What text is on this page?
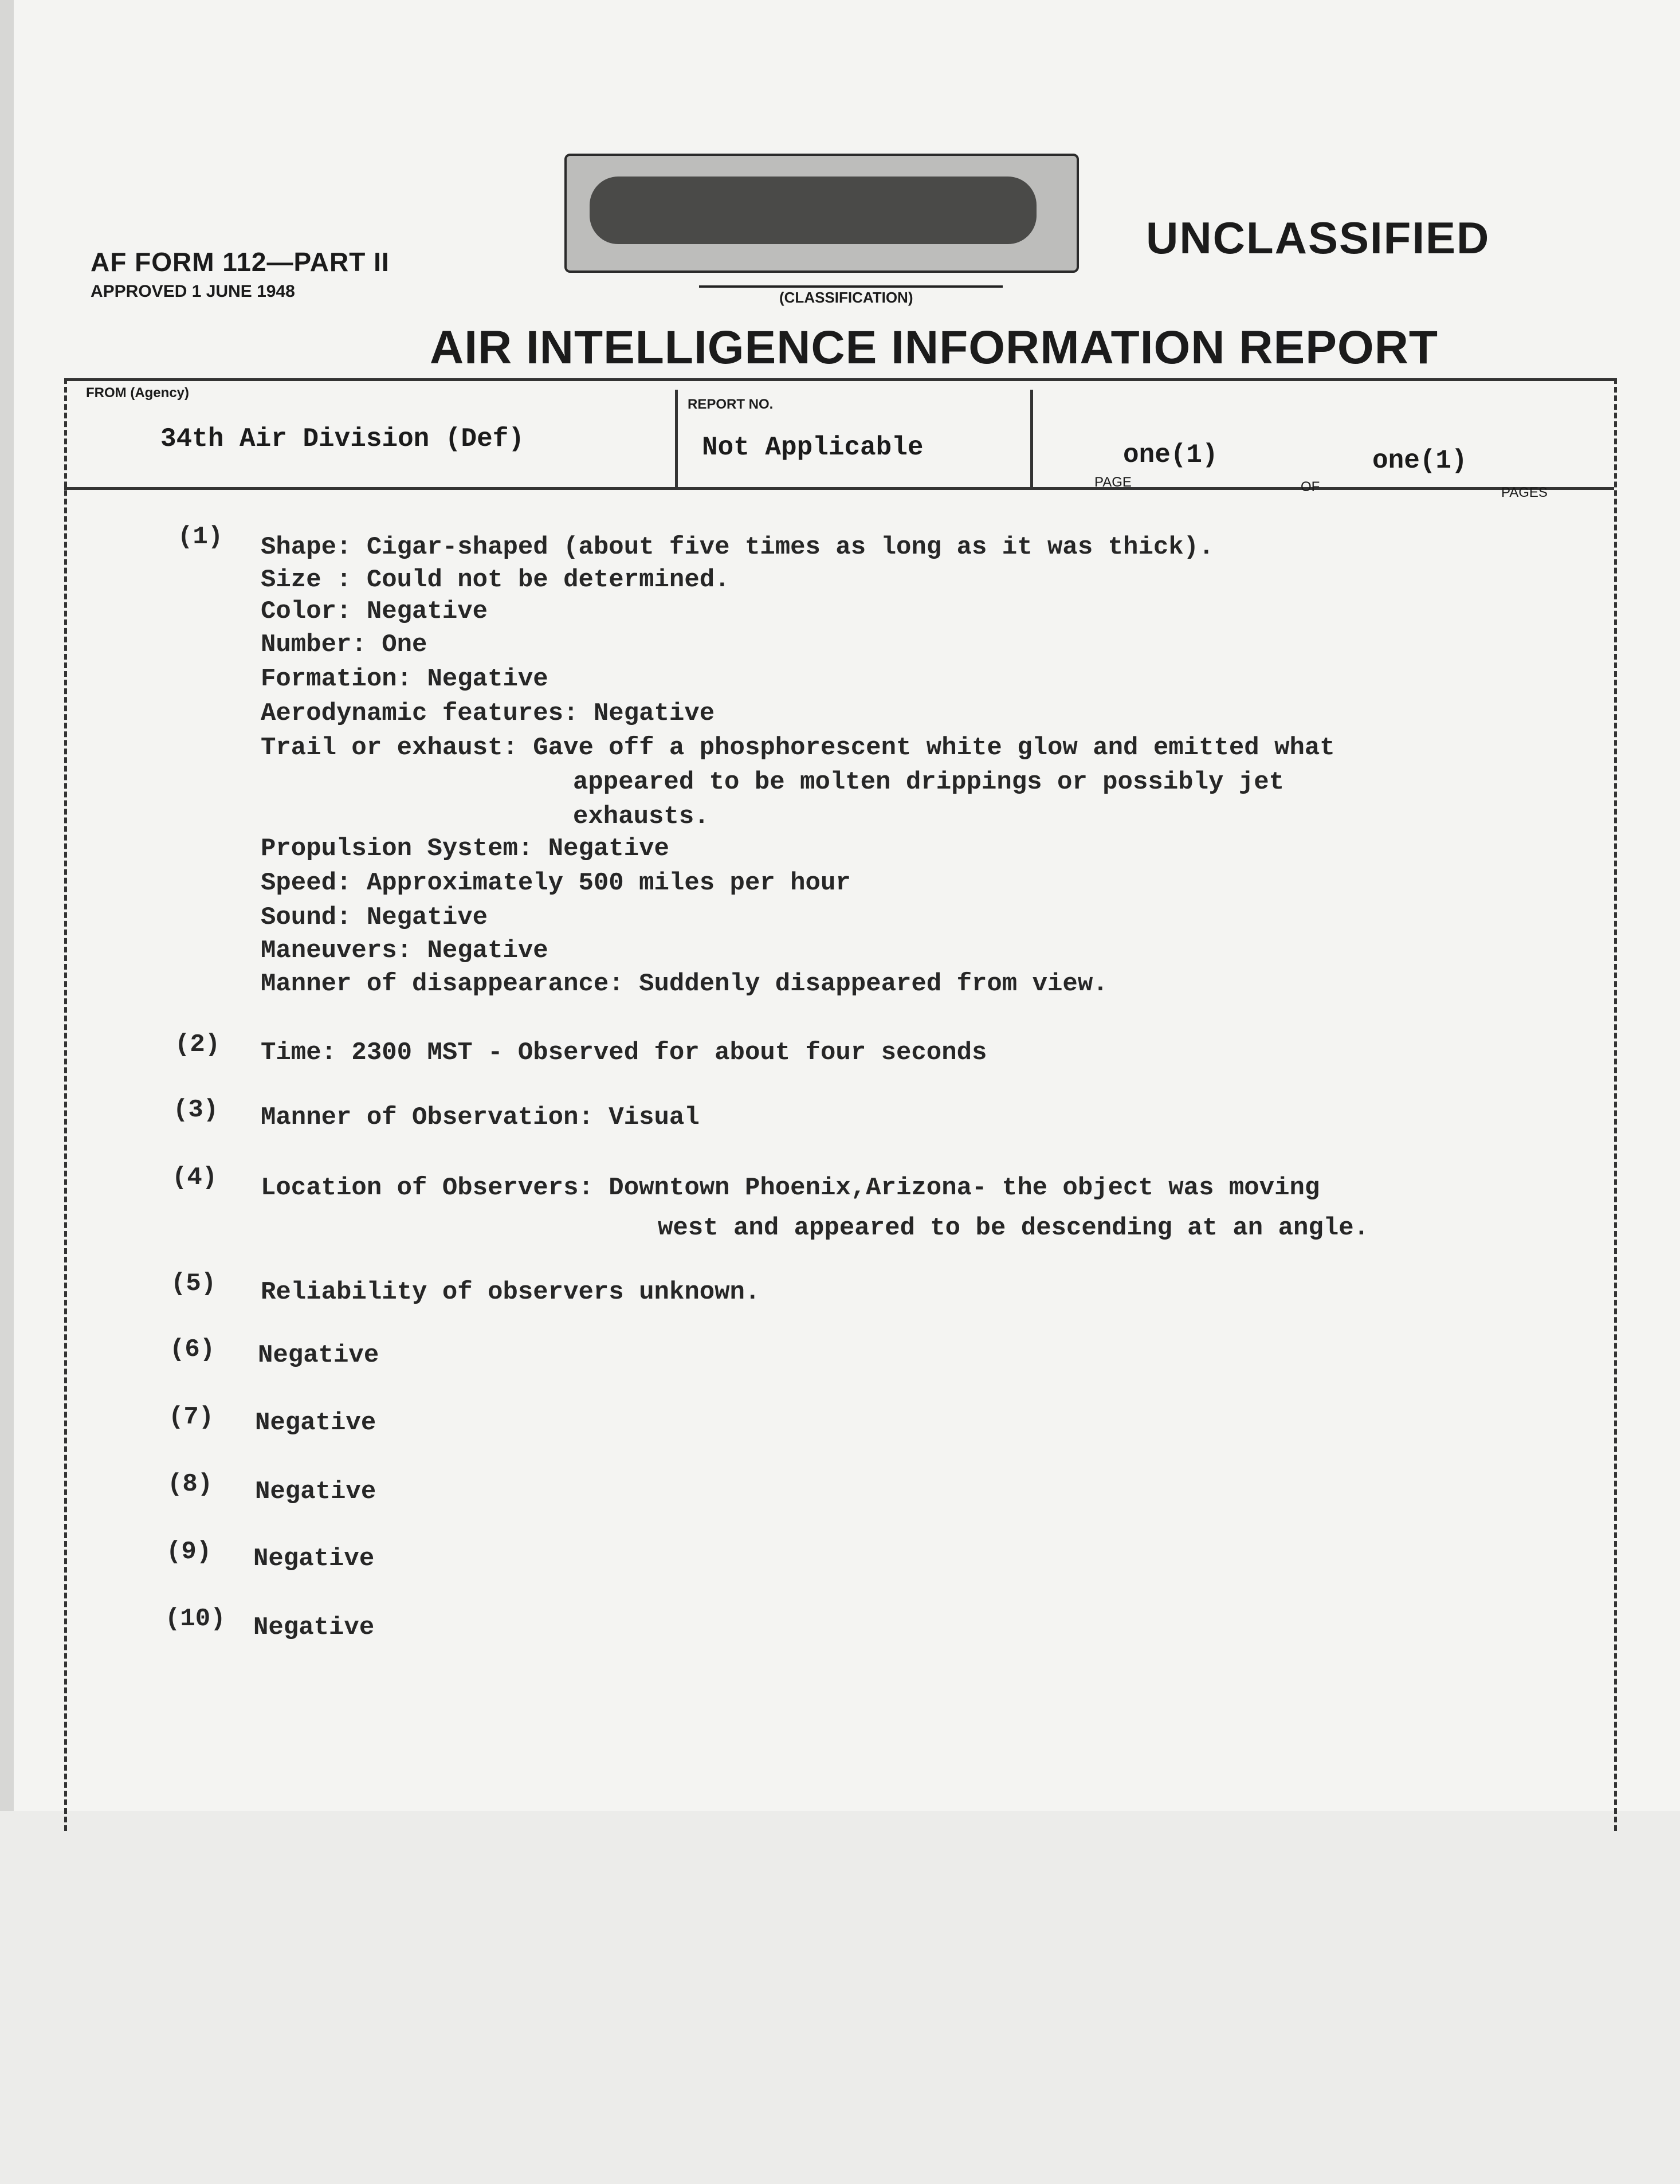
AF FORM 112—PART II
APPROVED 1 JUNE 1948	(CLASSIFICATION)
UNCLASSIFIED
AIR INTELLIGENCE INFORMATION REPORT
FROM (Agency)
34th Air Division (Def)
REPORT NO.
Not Applicable	one(1)
PAGE	OF
one(1)
PAGES
(1) Shape: Cigar-shaped (about five times as long as it was thick).
Size : Could not be determined.
Color: Negative
Number: One
Formation: Negative
Aerodynamic features: Negative
Trail or exhaust: Gave off a phosphorescent white glow and emitted what
appeared to be molten drippings or possibly jet
exhausts.
Propulsion System: Negative
Speed: Approximately 500 miles per hour
Sound: Negative
Maneuvers: Negative
Manner of disappearance: Suddenly disappeared from view.
(2) Time: 2300 MST - Observed for about four seconds
(3) Manner of Observation: Visual
(4) Location of Observers: Downtown Phoenix,Arizona- the object was moving
west and appeared to be descending at an angle.
(5) Reliability of observers unknown.
(6) Negative
(7) Negative
(8) Negative
(9) Negative
(10) Negative
